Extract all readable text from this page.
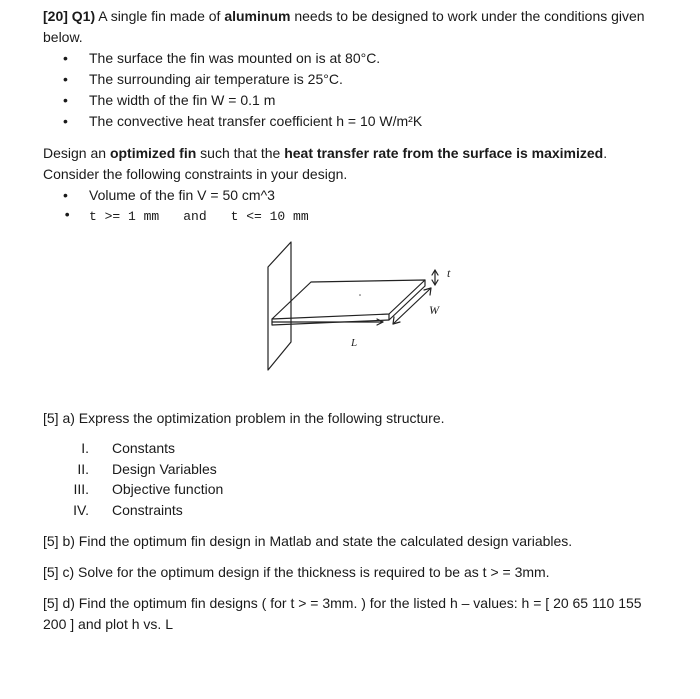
[20] Q1) A single fin made of aluminum needs to be designed to work under the conditions given below.

• The surface the fin was mounted on is at 80°C.
• The surrounding air temperature is 25°C.
• The width of the fin W = 0.1 m
• The convective heat transfer coefficient h = 10 W/m²K

Design an optimized fin such that the heat transfer rate from the surface is maximized. Consider the following constraints in your design.

• Volume of the fin V = 50 cm^3
• t >= 1 mm and t <= 10 mm
t
W
L

[5] a) Express the optimization problem in the following structure.

I. Constants
II. Design Variables
III. Objective function
IV. Constraints

[5] b) Find the optimum fin design in Matlab and state the calculated design variables.

[5] c) Solve for the optimum design if the thickness is required to be as t > = 3mm.

[5] d) Find the optimum fin designs ( for t > = 3mm. ) for the listed h – values: h = [ 20 65 110 155 200 ] and plot h vs. L
